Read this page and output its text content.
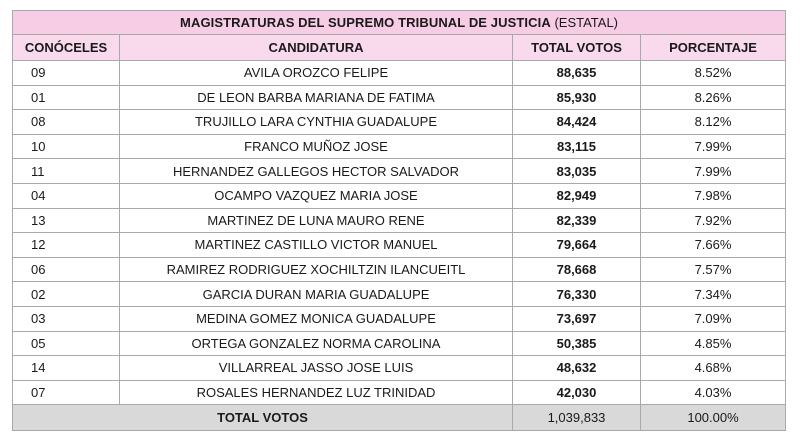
MAGISTRATURAS DEL SUPREMO TRIBUNAL DE JUSTICIA (ESTATAL)			
CONÓCELES	CANDIDATURA	TOTAL VOTOS	PORCENTAJE
09	AVILA OROZCO FELIPE	88,635	8.52%
01	DE LEON BARBA MARIANA DE FATIMA	85,930	8.26%
08	TRUJILLO LARA CYNTHIA GUADALUPE	84,424	8.12%
10	FRANCO MUÑOZ JOSE	83,115	7.99%
11	HERNANDEZ GALLEGOS HECTOR SALVADOR	83,035	7.99%
04	OCAMPO VAZQUEZ MARIA JOSE	82,949	7.98%
13	MARTINEZ DE LUNA MAURO RENE	82,339	7.92%
12	MARTINEZ CASTILLO VICTOR MANUEL	79,664	7.66%
06	RAMIREZ RODRIGUEZ XOCHILTZIN ILANCUEITL	78,668	7.57%
02	GARCIA DURAN MARIA GUADALUPE	76,330	7.34%
03	MEDINA GOMEZ MONICA GUADALUPE	73,697	7.09%
05	ORTEGA GONZALEZ NORMA CAROLINA	50,385	4.85%
14	VILLARREAL JASSO JOSE LUIS	48,632	4.68%
07	ROSALES HERNANDEZ LUZ TRINIDAD	42,030	4.03%
TOTAL VOTOS		1,039,833	100.00%
